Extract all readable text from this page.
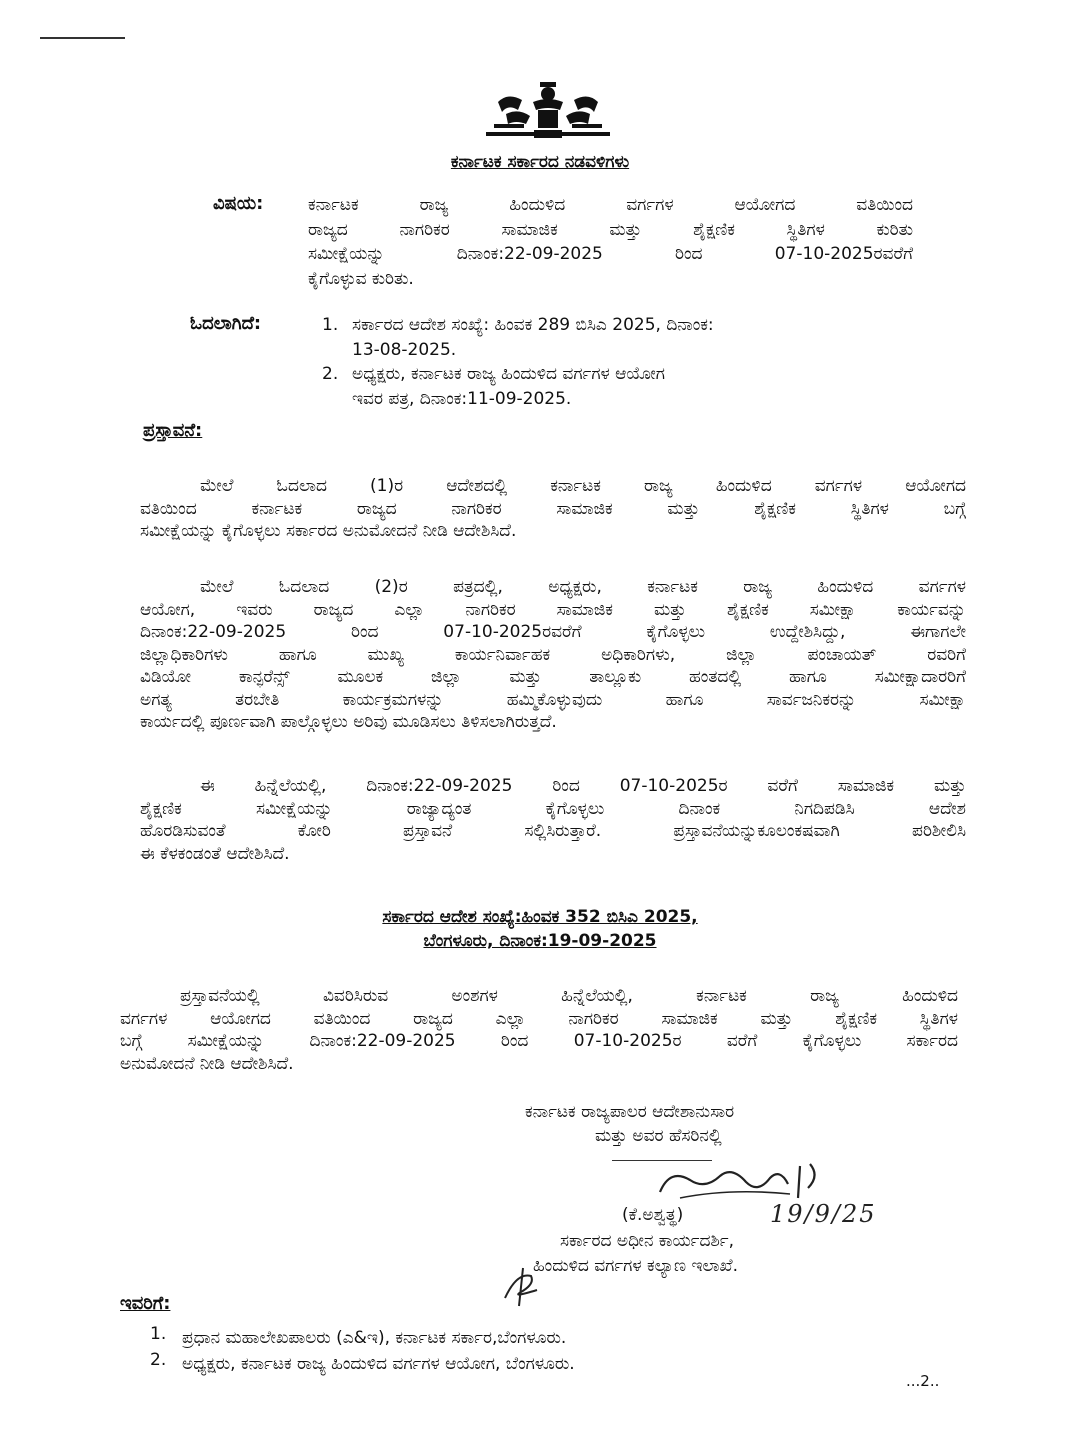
ಕರ್ನಾಟಕ ಸರ್ಕಾರದ ನಡವಳಿಗಳು
ವಿಷಯ:	ಕರ್ನಾಟಕ ರಾಜ್ಯ ಹಿಂದುಳಿದ ವರ್ಗಗಳ ಆಯೋಗದ ವತಿಯಿಂದ
ರಾಜ್ಯದ ನಾಗರಿಕರ ಸಾಮಾಜಿಕ ಮತ್ತು ಶೈಕ್ಷಣಿಕ ಸ್ಥಿತಿಗಳ ಕುರಿತು
ಸಮೀಕ್ಷೆಯನ್ನು ದಿನಾಂಕ:22-09-2025 ರಿಂದ 07-10-2025ರವರೆಗೆ
ಕೈಗೊಳ್ಳುವ ಕುರಿತು.
ಓದಲಾಗಿದೆ:	1. ಸರ್ಕಾರದ ಆದೇಶ ಸಂಖ್ಯೆ: ಹಿಂವಕ 289 ಬಿಸಿಎ 2025, ದಿನಾಂಕ:
13-08-2025.
2. ಅಧ್ಯಕ್ಷರು, ಕರ್ನಾಟಕ ರಾಜ್ಯ ಹಿಂದುಳಿದ ವರ್ಗಗಳ ಆಯೋಗ
ಇವರ ಪತ್ರ, ದಿನಾಂಕ:11-09-2025.
ಪ್ರಸ್ತಾವನೆ:
ಮೇಲೆ ಓದಲಾದ (1)ರ ಆದೇಶದಲ್ಲಿ ಕರ್ನಾಟಕ ರಾಜ್ಯ ಹಿಂದುಳಿದ ವರ್ಗಗಳ ಆಯೋಗದ
ವತಿಯಿಂದ ಕರ್ನಾಟಕ ರಾಜ್ಯದ ನಾಗರಿಕರ ಸಾಮಾಜಿಕ ಮತ್ತು ಶೈಕ್ಷಣಿಕ ಸ್ಥಿತಿಗಳ ಬಗ್ಗೆ
ಸಮೀಕ್ಷೆಯನ್ನು ಕೈಗೊಳ್ಳಲು ಸರ್ಕಾರದ ಅನುಮೋದನೆ ನೀಡಿ ಆದೇಶಿಸಿದೆ.
ಮೇಲೆ ಓದಲಾದ (2)ರ ಪತ್ರದಲ್ಲಿ, ಅಧ್ಯಕ್ಷರು, ಕರ್ನಾಟಕ ರಾಜ್ಯ ಹಿಂದುಳಿದ ವರ್ಗಗಳ
ಆಯೋಗ, ಇವರು ರಾಜ್ಯದ ಎಲ್ಲಾ ನಾಗರಿಕರ ಸಾಮಾಜಿಕ ಮತ್ತು ಶೈಕ್ಷಣಿಕ ಸಮೀಕ್ಷಾ ಕಾರ್ಯವನ್ನು
ದಿನಾಂಕ:22-09-2025 ರಿಂದ 07-10-2025ರವರೆಗೆ ಕೈಗೊಳ್ಳಲು ಉದ್ದೇಶಿಸಿದ್ದು, ಈಗಾಗಲೇ
ಜಿಲ್ಲಾಧಿಕಾರಿಗಳು ಹಾಗೂ ಮುಖ್ಯ ಕಾರ್ಯನಿರ್ವಾಹಕ ಅಧಿಕಾರಿಗಳು, ಜಿಲ್ಲಾ ಪಂಚಾಯತ್ ರವರಿಗೆ
ವಿಡಿಯೋ ಕಾನ್ಫರೆನ್ಸ್ ಮೂಲಕ ಜಿಲ್ಲಾ ಮತ್ತು ತಾಲ್ಲೂಕು ಹಂತದಲ್ಲಿ ಹಾಗೂ ಸಮೀಕ್ಷಾದಾರರಿಗೆ
ಅಗತ್ಯ ತರಬೇತಿ ಕಾರ್ಯಕ್ರಮಗಳನ್ನು ಹಮ್ಮಿಕೊಳ್ಳುವುದು ಹಾಗೂ ಸಾರ್ವಜನಿಕರನ್ನು ಸಮೀಕ್ಷಾ
ಕಾರ್ಯದಲ್ಲಿ ಪೂರ್ಣವಾಗಿ ಪಾಲ್ಗೊಳ್ಳಲು ಅರಿವು ಮೂಡಿಸಲು ತಿಳಿಸಲಾಗಿರುತ್ತದೆ.
ಈ ಹಿನ್ನೆಲೆಯಲ್ಲಿ, ದಿನಾಂಕ:22-09-2025 ರಿಂದ 07-10-2025ರ ವರೆಗೆ ಸಾಮಾಜಿಕ ಮತ್ತು
ಶೈಕ್ಷಣಿಕ ಸಮೀಕ್ಷೆಯನ್ನು ರಾಜ್ಯಾದ್ಯಂತ ಕೈಗೊಳ್ಳಲು ದಿನಾಂಕ ನಿಗದಿಪಡಿಸಿ ಆದೇಶ
ಹೊರಡಿಸುವಂತೆ ಕೋರಿ ಪ್ರಸ್ತಾವನೆ ಸಲ್ಲಿಸಿರುತ್ತಾರೆ. ಪ್ರಸ್ತಾವನೆಯನ್ನುಕೂಲಂಕಷವಾಗಿ ಪರಿಶೀಲಿಸಿ
ಈ ಕೆಳಕಂಡಂತೆ ಆದೇಶಿಸಿದೆ.
ಸರ್ಕಾರದ ಆದೇಶ ಸಂಖ್ಯೆ:ಹಿಂವಕ 352 ಬಿಸಿಎ 2025,
ಬೆಂಗಳೂರು, ದಿನಾಂಕ:19-09-2025
ಪ್ರಸ್ತಾವನೆಯಲ್ಲಿ ವಿವರಿಸಿರುವ ಅಂಶಗಳ ಹಿನ್ನೆಲೆಯಲ್ಲಿ, ಕರ್ನಾಟಕ ರಾಜ್ಯ ಹಿಂದುಳಿದ
ವರ್ಗಗಳ ಆಯೋಗದ ವತಿಯಿಂದ ರಾಜ್ಯದ ಎಲ್ಲಾ ನಾಗರಿಕರ ಸಾಮಾಜಿಕ ಮತ್ತು ಶೈಕ್ಷಣಿಕ ಸ್ಥಿತಿಗಳ
ಬಗ್ಗೆ ಸಮೀಕ್ಷೆಯನ್ನು ದಿನಾಂಕ:22-09-2025 ರಿಂದ 07-10-2025ರ ವರೆಗೆ ಕೈಗೊಳ್ಳಲು ಸರ್ಕಾರದ
ಅನುಮೋದನೆ ನೀಡಿ ಆದೇಶಿಸಿದೆ.
ಕರ್ನಾಟಕ ರಾಜ್ಯಪಾಲರ ಆದೇಶಾನುಸಾರ
ಮತ್ತು ಅವರ ಹೆಸರಿನಲ್ಲಿ
(ಕೆ.ಅಶ್ವತ್ಥ)	19/9/25
ಸರ್ಕಾರದ ಅಧೀನ ಕಾರ್ಯದರ್ಶಿ,
ಹಿಂದುಳಿದ ವರ್ಗಗಳ ಕಲ್ಯಾಣ ಇಲಾಖೆ.
ಇವರಿಗೆ:
1. ಪ್ರಧಾನ ಮಹಾಲೇಖಪಾಲರು (ಎ&ಇ), ಕರ್ನಾಟಕ ಸರ್ಕಾರ,ಬೆಂಗಳೂರು.
2. ಅಧ್ಯಕ್ಷರು, ಕರ್ನಾಟಕ ರಾಜ್ಯ ಹಿಂದುಳಿದ ವರ್ಗಗಳ ಆಯೋಗ, ಬೆಂಗಳೂರು.
...2..
